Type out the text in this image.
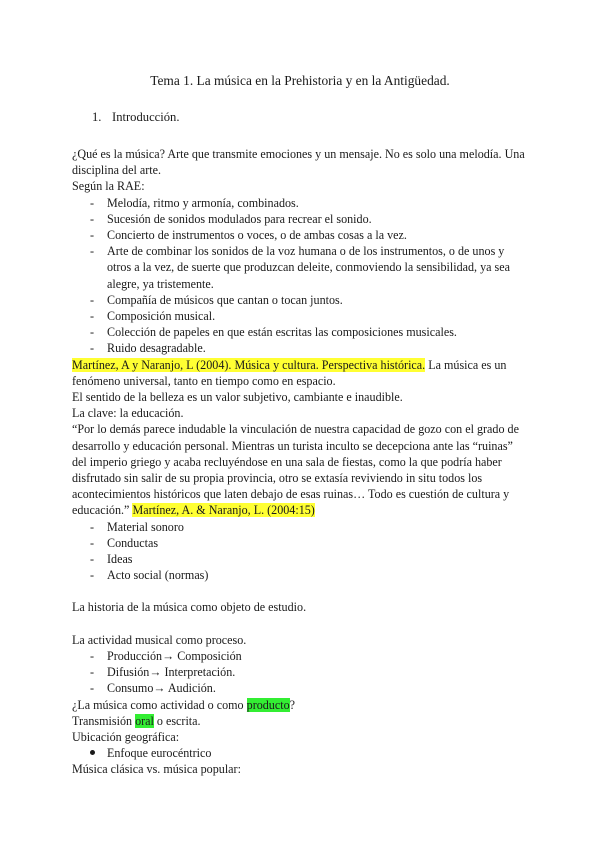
Tema 1. La música en la Prehistoria y en la Antigüedad.
1. Introducción.

¿Qué es la música? Arte que transmite emociones y un mensaje. No es solo una melodía. Una
disciplina del arte.

Según la RAE:

- Melodía, ritmo y armonía, combinados.
- Sucesión de sonidos modulados para recrear el sonido.
- Concierto de instrumentos o voces, o de ambas cosas a la vez.
- Arte de combinar los sonidos de la voz humana o de los instrumentos, o de unos y
otros a la vez, de suerte que produzcan deleite, conmoviendo la sensibilidad, ya sea
alegre, ya tristemente.
- Compañía de músicos que cantan o tocan juntos.
- Composición musical.
- Colección de papeles en que están escritas las composiciones musicales.
- Ruido desagradable.

Martínez, A y Naranjo, L (2004). Música y cultura. Perspectiva histórica. La música es un
fenómeno universal, tanto en tiempo como en espacio.

El sentido de la belleza es un valor subjetivo, cambiante e inaudible.

La clave: la educación.

“Por lo demás parece indudable la vinculación de nuestra capacidad de gozo con el grado de
desarrollo y educación personal. Mientras un turista inculto se decepciona ante las “ruinas”
del imperio griego y acaba recluyéndose en una sala de fiestas, como la que podría haber
disfrutado sin salir de su propia provincia, otro se extasía reviviendo in situ todos los
acontecimientos históricos que laten debajo de esas ruinas… Todo es cuestión de cultura y
educación.” Martínez, A. & Naranjo, L. (2004:15)

- Material sonoro
- Conductas
- Ideas
- Acto social (normas)

La historia de la música como objeto de estudio.

La actividad musical como proceso.

- Producción→ Composición
- Difusión→ Interpretación.
- Consumo→ Audición.

¿La música como actividad o como producto?

Transmisión oral o escrita.

Ubicación geográfica:

Enfoque eurocéntrico

Música clásica vs. música popular:
